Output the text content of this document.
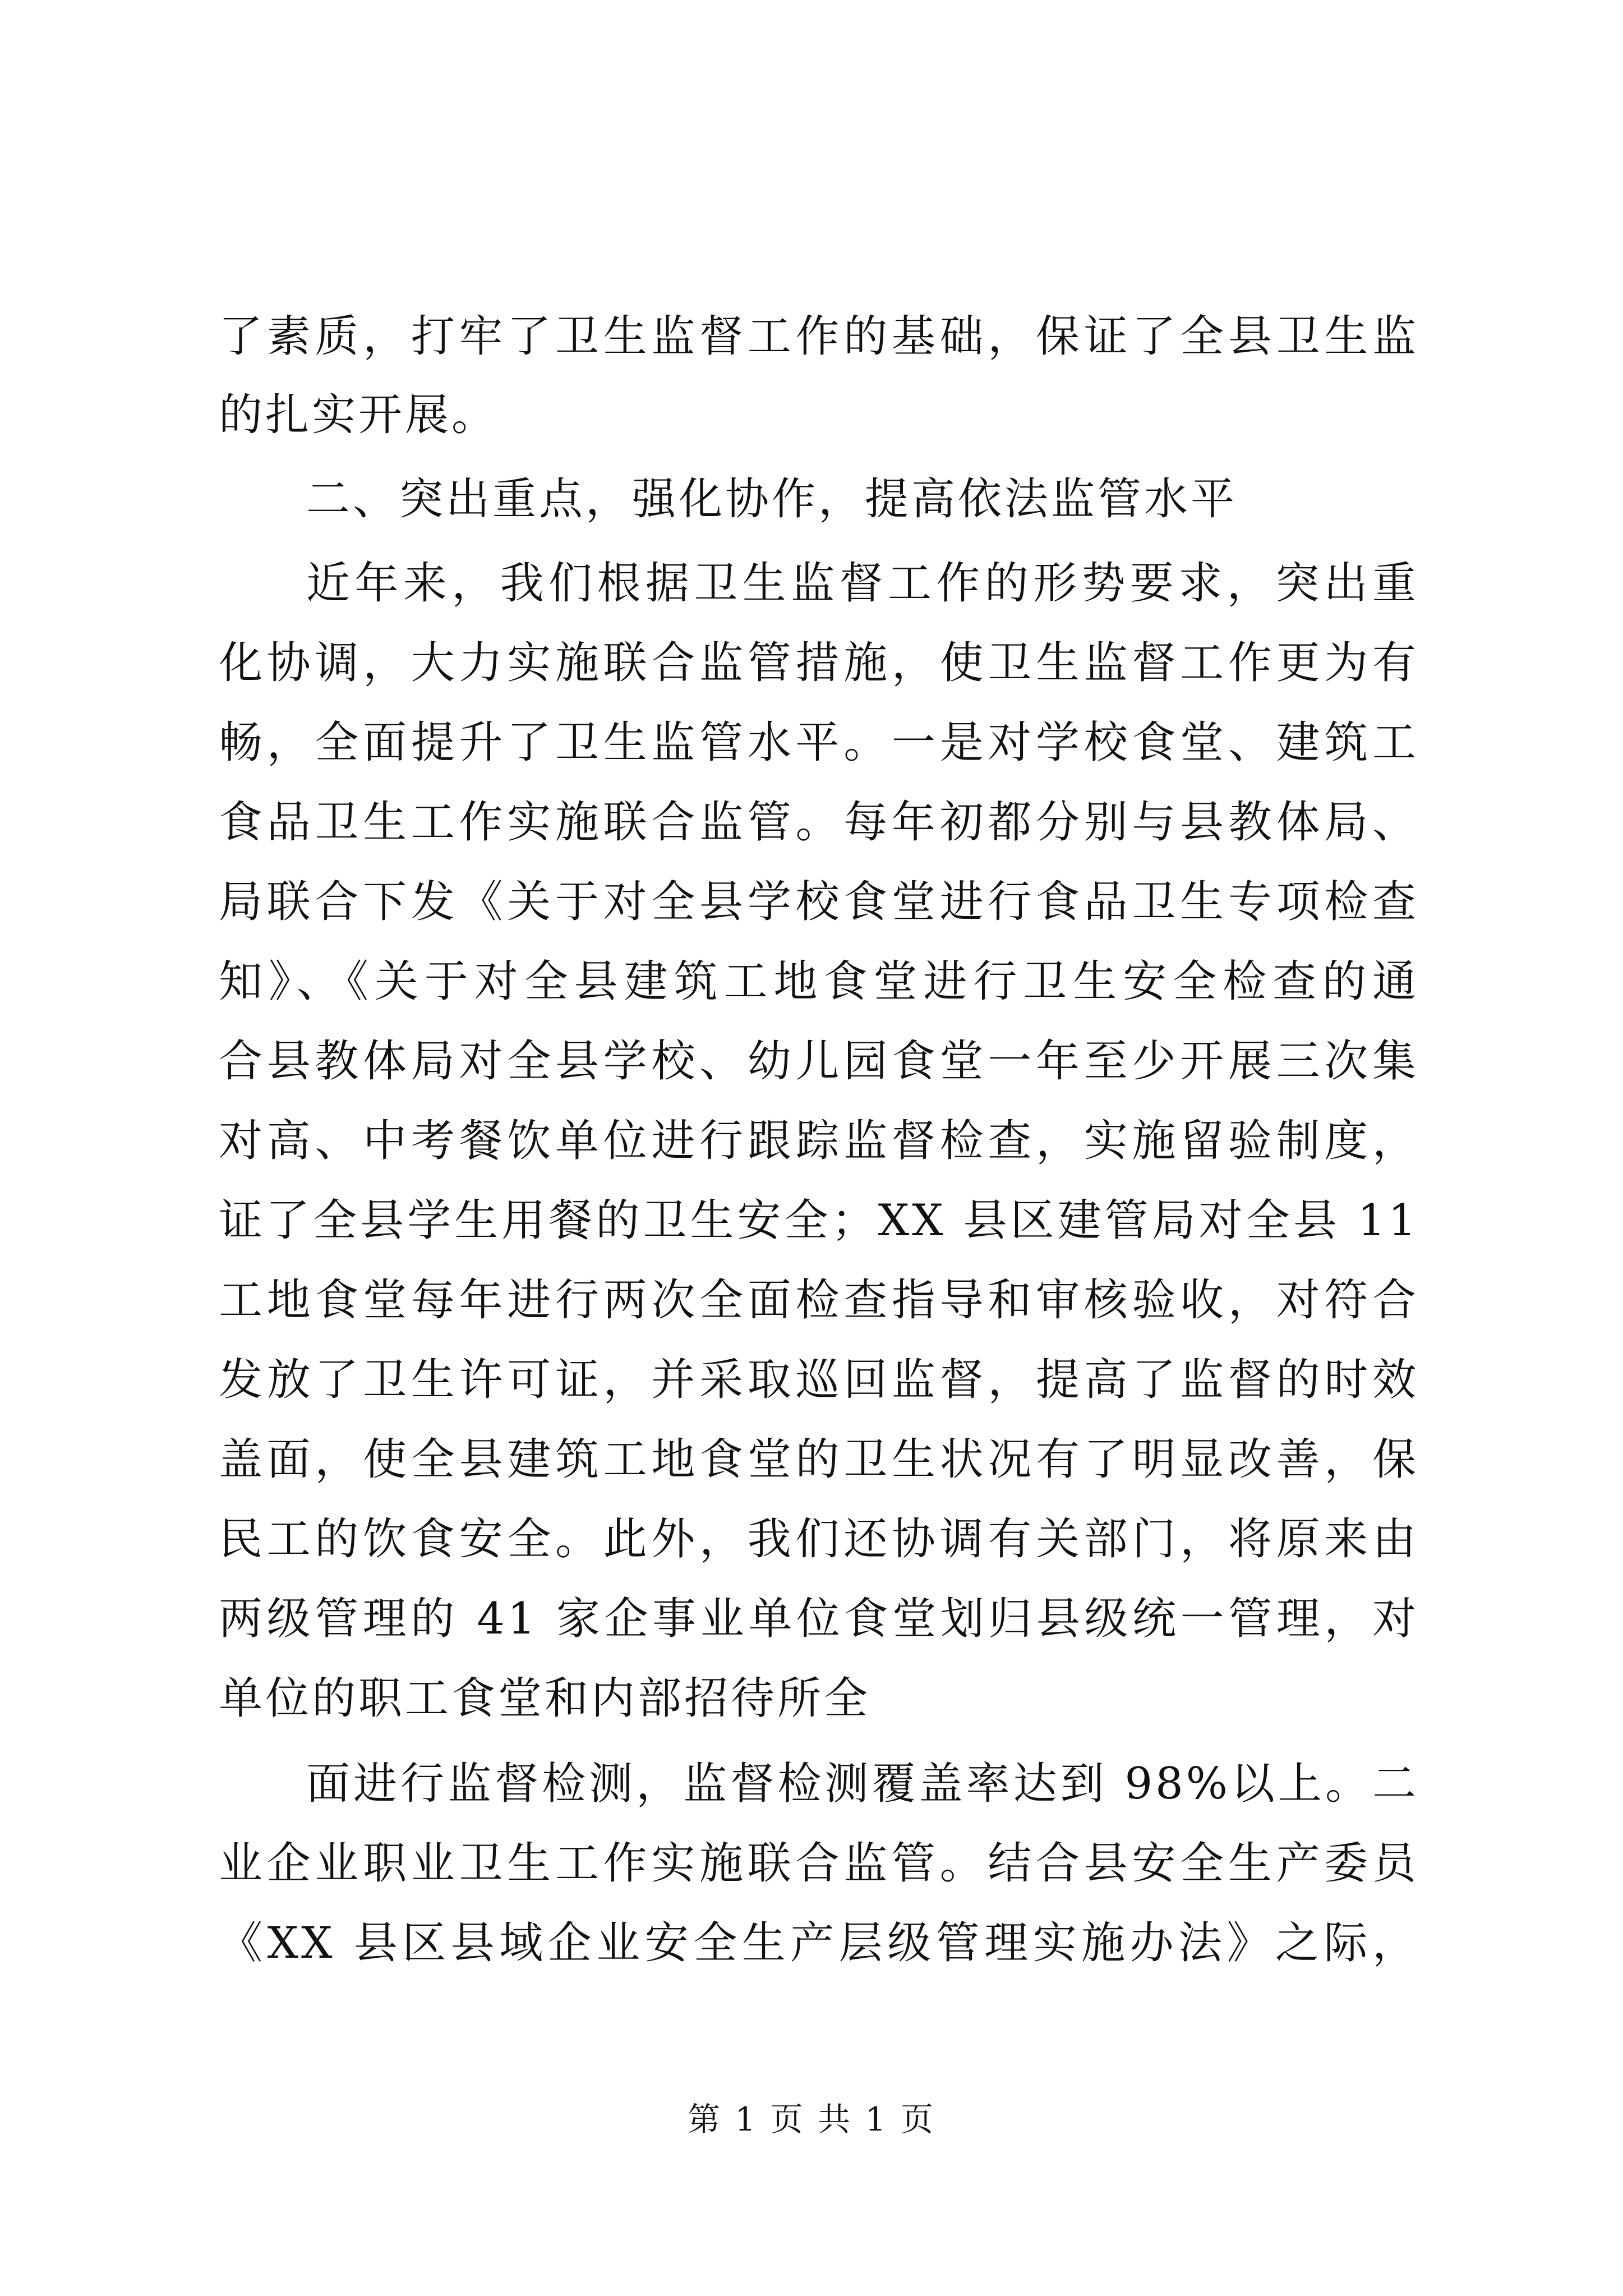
了素质，打牢了卫生监督工作的基础，保证了全县卫生监
的扎实开展。
二、突出重点，强化协作，提高依法监管水平
近年来，我们根据卫生监督工作的形势要求，突出重
化协调，大力实施联合监管措施，使卫生监督工作更为有
畅，全面提升了卫生监管水平。一是对学校食堂、建筑工
食品卫生工作实施联合监管。每年初都分别与县教体局、
局联合下发《关于对全县学校食堂进行食品卫生专项检查
知》、《关于对全县建筑工地食堂进行卫生安全检查的通
合县教体局对全县学校、幼儿园食堂一年至少开展三次集
对高、中考餐饮单位进行跟踪监督检查，实施留验制度，
证了全县学生用餐的卫生安全；XX 县区建管局对全县 11
工地食堂每年进行两次全面检查指导和审核验收，对符合
发放了卫生许可证，并采取巡回监督，提高了监督的时效
盖面，使全县建筑工地食堂的卫生状况有了明显改善，保
民工的饮食安全。此外，我们还协调有关部门，将原来由
两级管理的 41 家企事业单位食堂划归县级统一管理，对
单位的职工食堂和内部招待所全
面进行监督检测，监督检测覆盖率达到 98%以上。二
业企业职业卫生工作实施联合监管。结合县安全生产委员
《XX 县区县域企业安全生产层级管理实施办法》之际，
第 1 页 共 1 页
